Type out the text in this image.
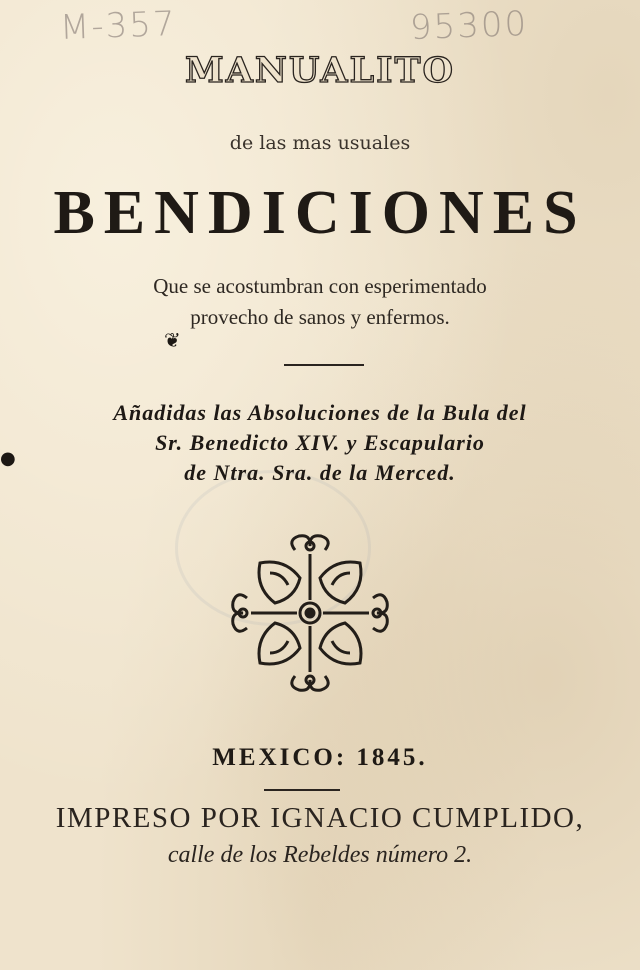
M-357	95300
MANUALITO
de las mas usuales
BENDICIONES
Que se acostumbran con esperimentado
provecho de sanos y enfermos.
❦
●
Añadidas las Absoluciones de la Bula del
Sr. Benedicto XIV. y Escapulario
de Ntra. Sra. de la Merced.
MEXICO: 1845.
IMPRESO POR IGNACIO CUMPLIDO,
calle de los Rebeldes número 2.
